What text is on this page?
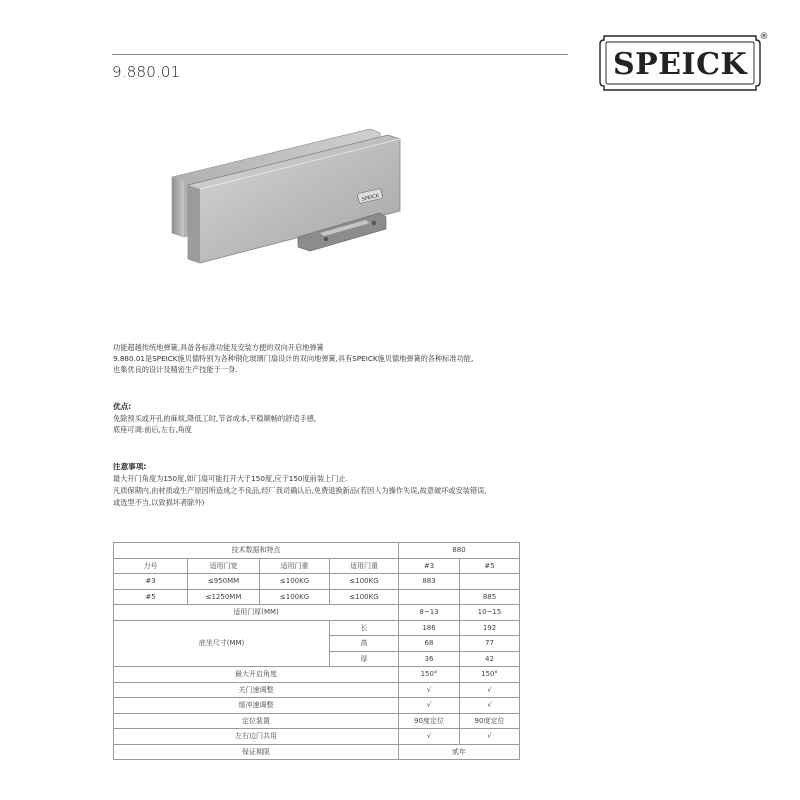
9.880.01	SPEICK
®
SPEICK
功能超越传统地弹簧,具备各标准功能及安装方便的双向开启地弹簧
9.880.01是SPEICK施贝德特别为各种钢化玻璃门扇设计的双向地弹簧,具有SPEICK施贝德地弹簧的各种标准功能,
也集优良的设计及精密生产技能于一身.
优点:
免除预买或开孔的麻烦,降低工时,节省成本,平稳顺畅的舒适手感,
底座可调:前后,左右,角度
注意事项:
最大开门角度为150度,如门扇可能打开大于150度,应于150度前装上门止.
凡质保期内,由材质或生产原因所造成之不良品,经厂我司确认后,免费退换新品(若因人为操作失误,故意破坏或安装错误,
或选型不当,以致损坏者除外)
技术数据和特点				880	
力号	适用门宽	适用门重	适用门重	#3	#5
#3	≤950MM	≤100KG	≤100KG	883	
#5	≤1250MM	≤100KG	≤100KG		885
适用门厚(MM)				8~13	10~15
底坐尺寸(MM)			长	186	192
			高	68	77
			厚	36	42
最大开启角度				150°	150°
关门速调整				√	√
缓冲速调整				√	√
定位装置				90度定位	90度定位
左右边门共用				√	√
保证期限				贰年	
